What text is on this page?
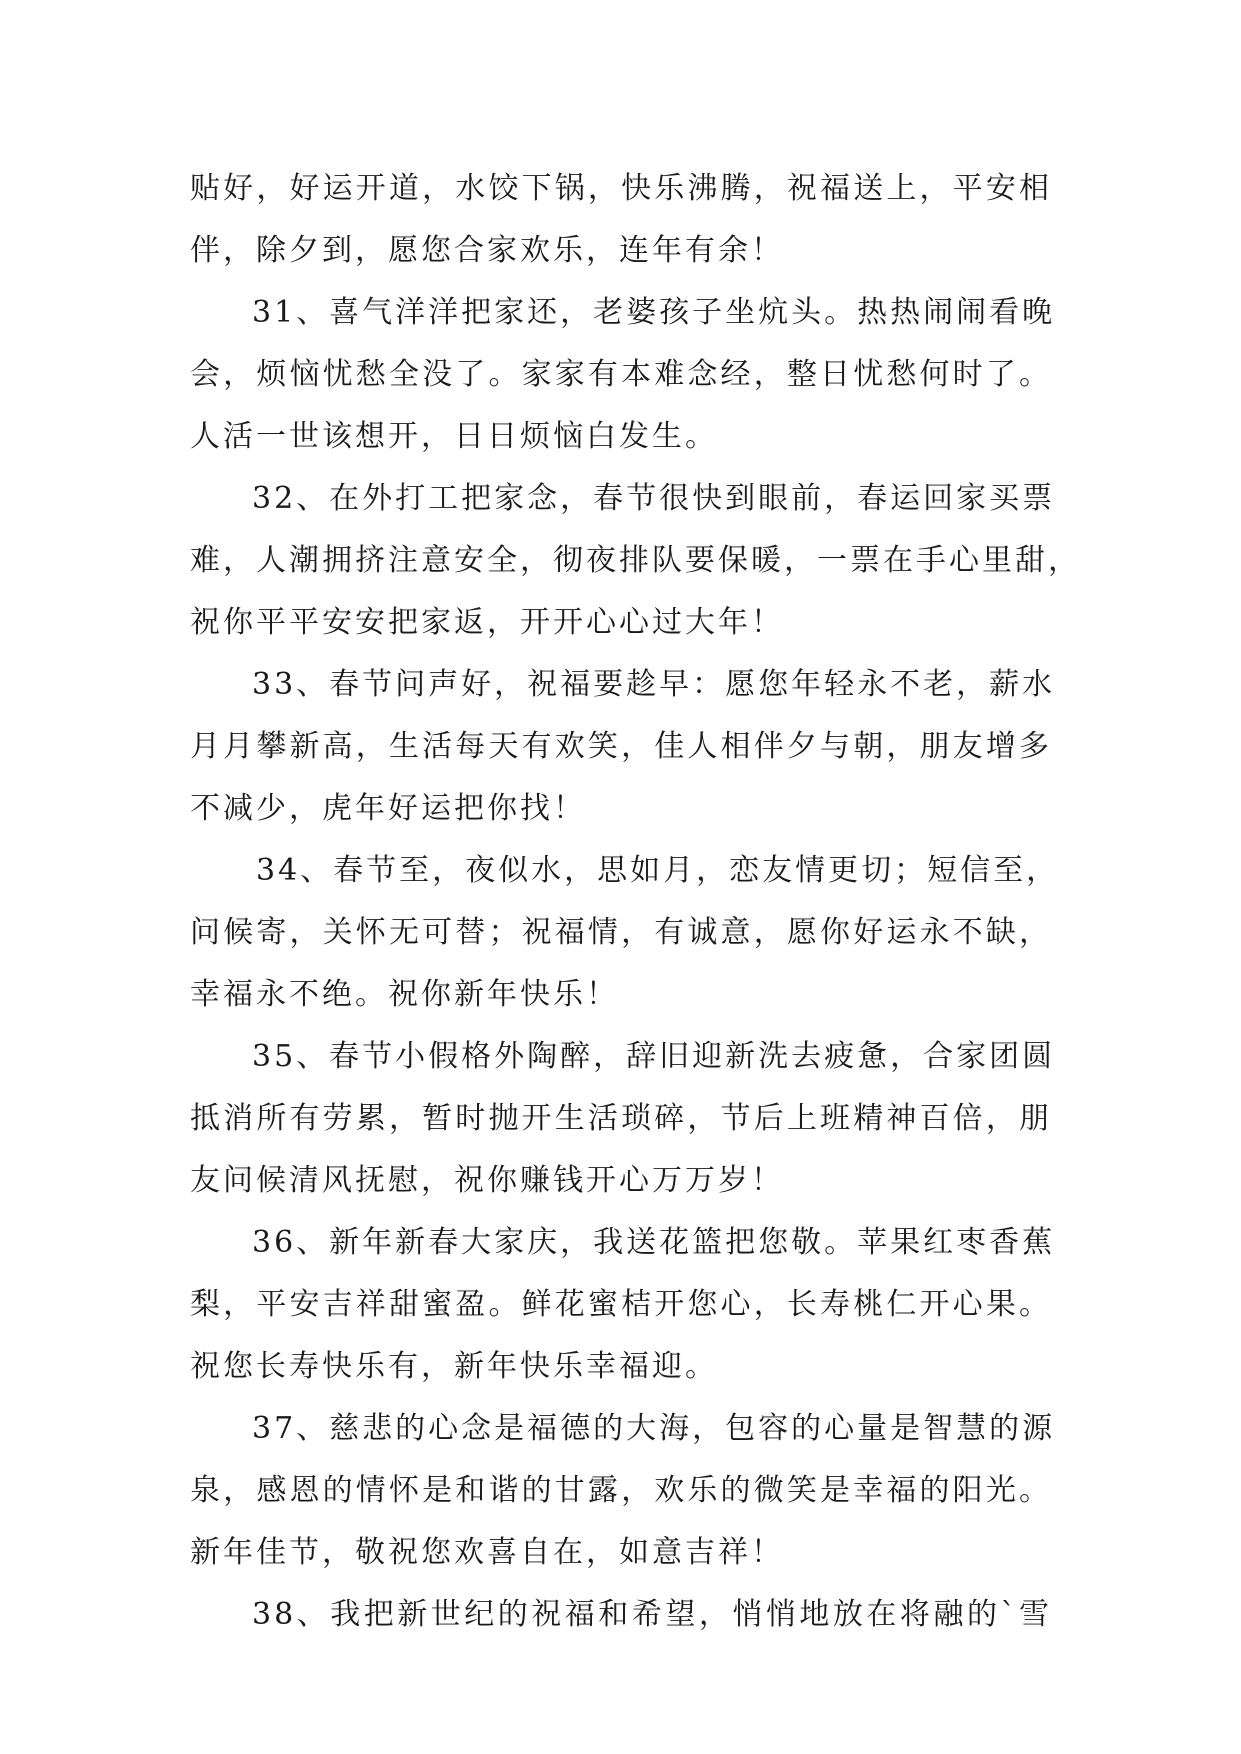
贴好，好运开道，水饺下锅，快乐沸腾，祝福送上，平安相
伴，除夕到，愿您合家欢乐，连年有余！
31、喜气洋洋把家还，老婆孩子坐炕头。热热闹闹看晚
会，烦恼忧愁全没了。家家有本难念经，整日忧愁何时了。
人活一世该想开，日日烦恼白发生。
32、在外打工把家念，春节很快到眼前，春运回家买票
难，人潮拥挤注意安全，彻夜排队要保暖，一票在手心里甜，
祝你平平安安把家返，开开心心过大年！
33、春节问声好，祝福要趁早：愿您年轻永不老，薪水
月月攀新高，生活每天有欢笑，佳人相伴夕与朝，朋友增多
不减少，虎年好运把你找！
34、春节至，夜似水，思如月，恋友情更切；短信至，
问候寄，关怀无可替；祝福情，有诚意，愿你好运永不缺，
幸福永不绝。祝你新年快乐！
35、春节小假格外陶醉，辞旧迎新洗去疲惫，合家团圆
抵消所有劳累，暂时抛开生活琐碎，节后上班精神百倍，朋
友问候清风抚慰，祝你赚钱开心万万岁！
36、新年新春大家庆，我送花篮把您敬。苹果红枣香蕉
梨，平安吉祥甜蜜盈。鲜花蜜桔开您心，长寿桃仁开心果。
祝您长寿快乐有，新年快乐幸福迎。
37、慈悲的心念是福德的大海，包容的心量是智慧的源
泉，感恩的情怀是和谐的甘露，欢乐的微笑是幸福的阳光。
新年佳节，敬祝您欢喜自在，如意吉祥！
38、我把新世纪的祝福和希望，悄悄地放在将融的`雪
